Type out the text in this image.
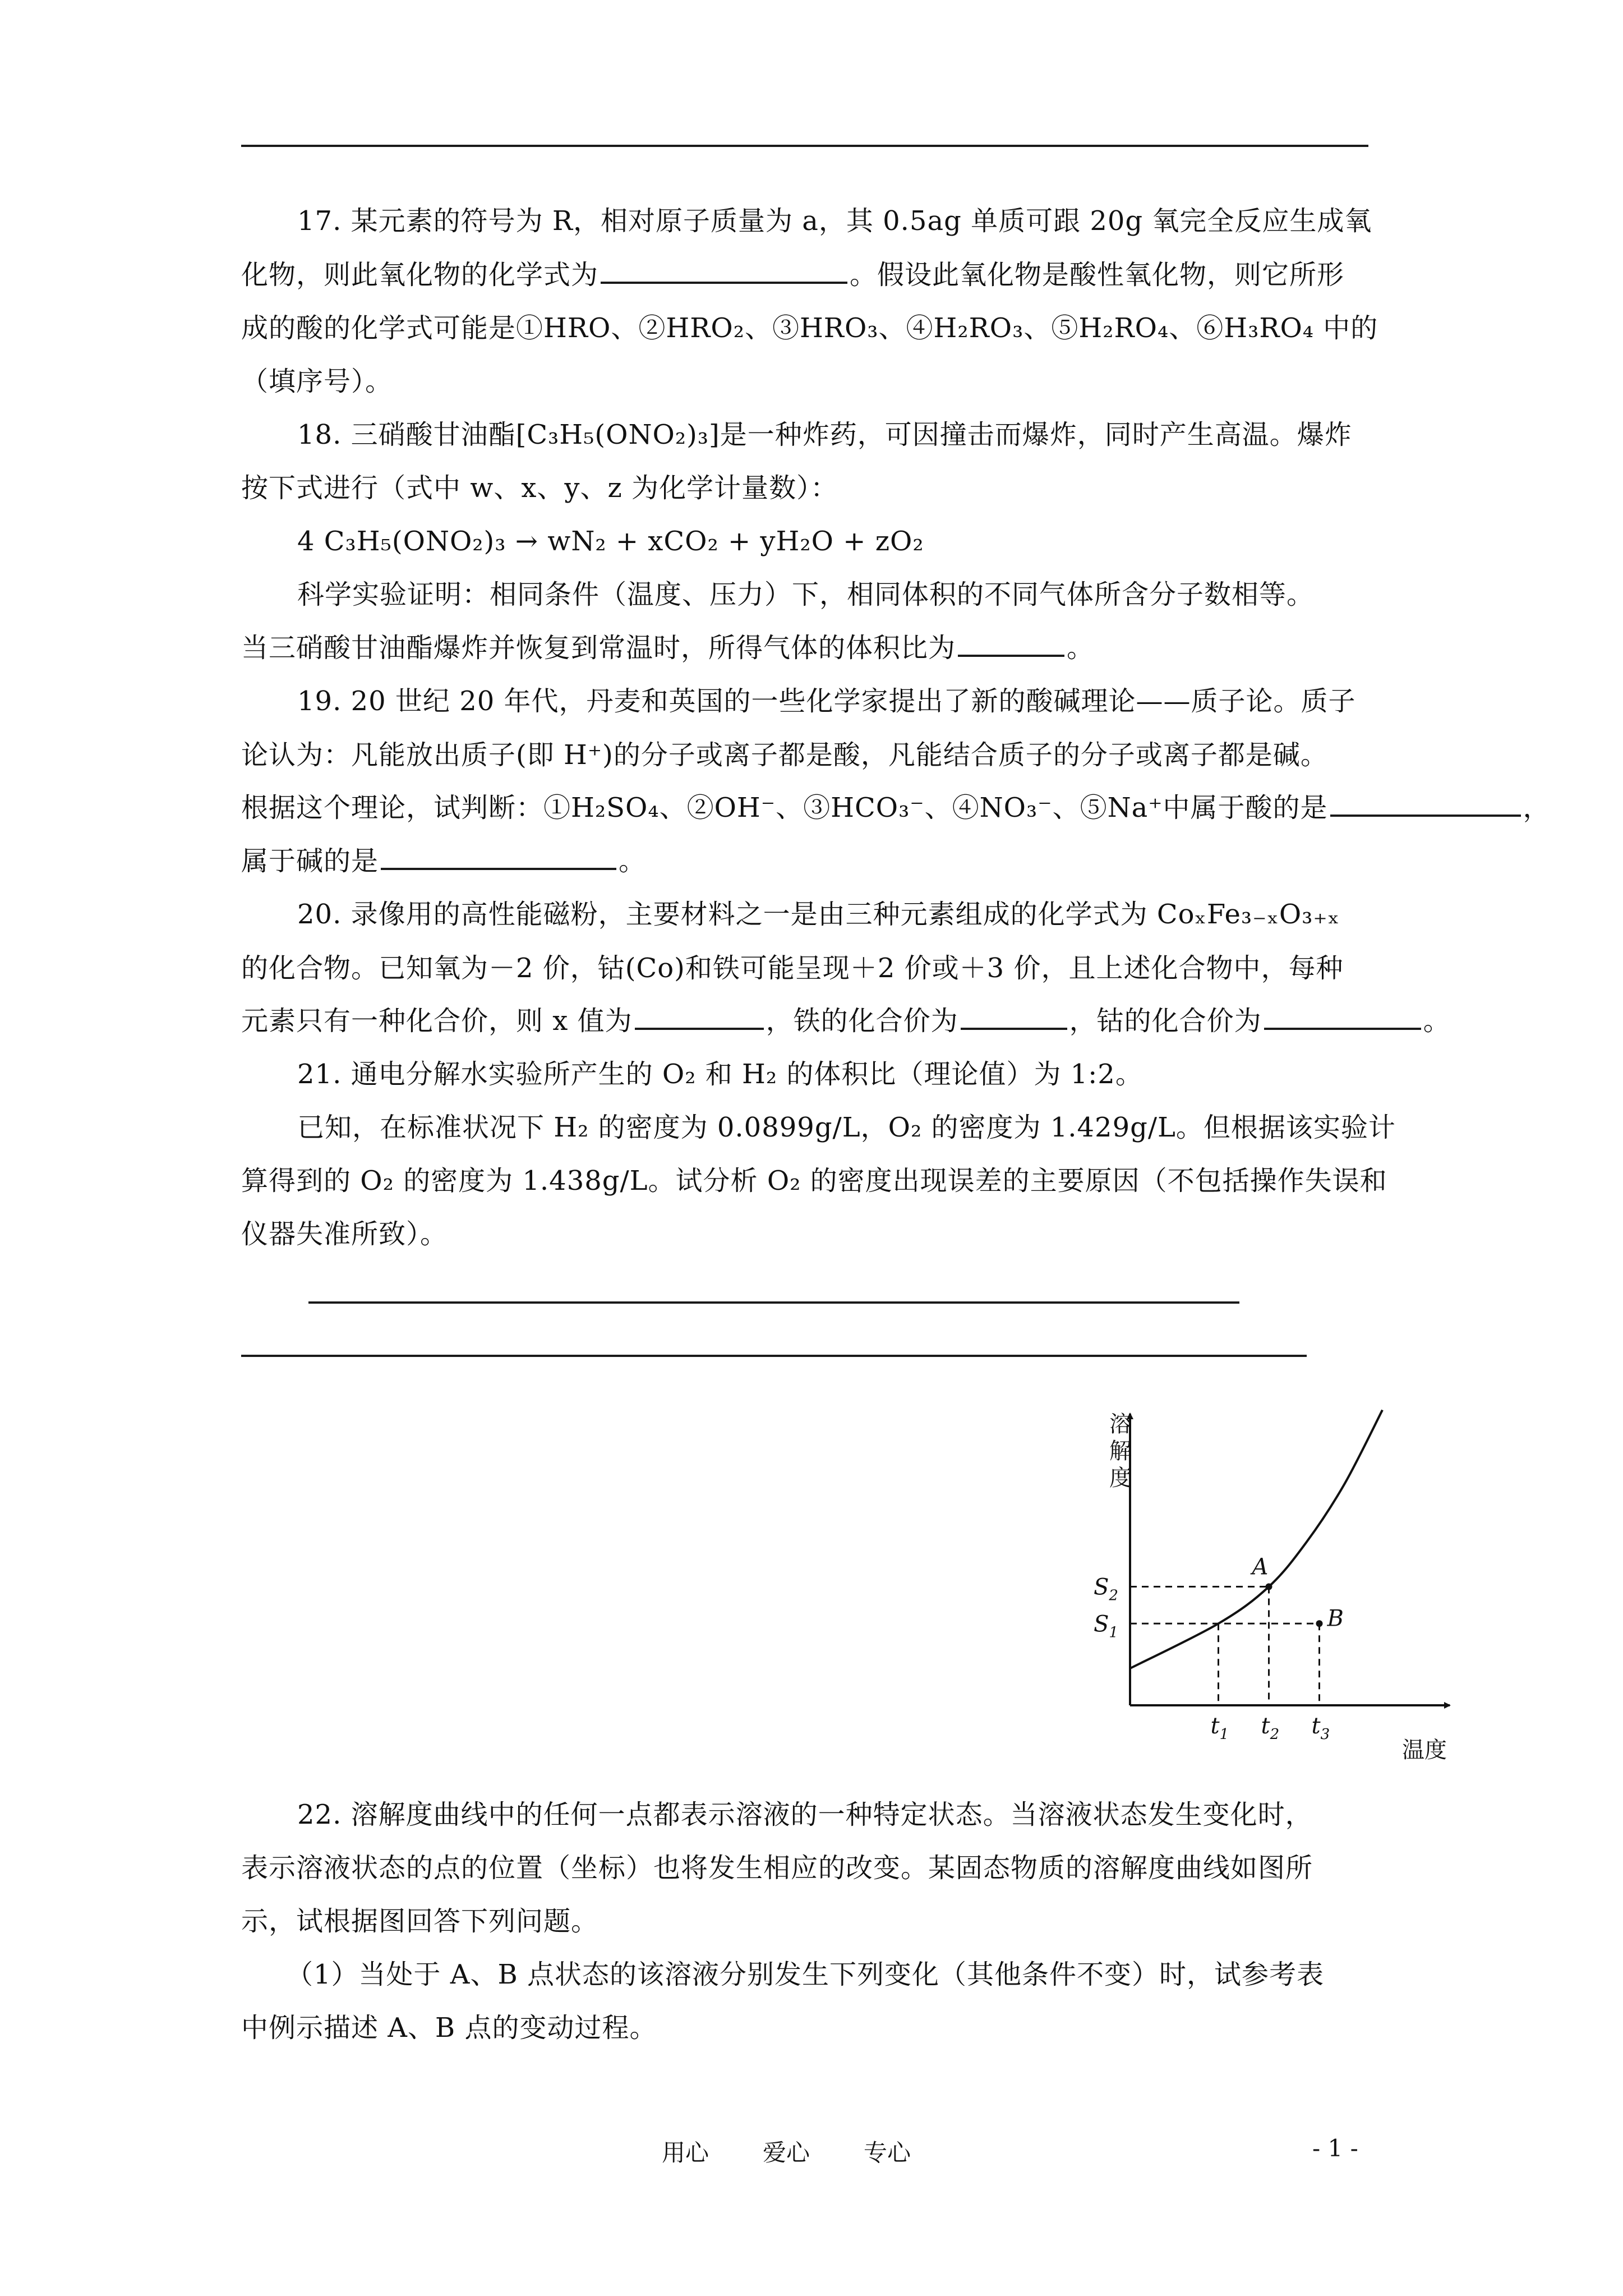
17. 某元素的符号为 R，相对原子质量为 a，其 0.5ag 单质可跟 20g 氧完全反应生成氧
化物，则此氧化物的化学式为	。假设此氧化物是酸性氧化物，则它所形
成的酸的化学式可能是①HRO、②HRO₂、③HRO₃、④H₂RO₃、⑤H₂RO₄、⑥H₃RO₄ 中的
（填序号）。
18. 三硝酸甘油酯[C₃H₅(ONO₂)₃]是一种炸药，可因撞击而爆炸，同时产生高温。爆炸
按下式进行（式中 w、x、y、z 为化学计量数）：
4 C₃H₅(ONO₂)₃ → wN₂ + xCO₂ + yH₂O + zO₂
科学实验证明：相同条件（温度、压力）下，相同体积的不同气体所含分子数相等。
当三硝酸甘油酯爆炸并恢复到常温时，所得气体的体积比为	。
19. 20 世纪 20 年代，丹麦和英国的一些化学家提出了新的酸碱理论——质子论。质子
论认为：凡能放出质子(即 H⁺)的分子或离子都是酸，凡能结合质子的分子或离子都是碱。
根据这个理论，试判断：①H₂SO₄、②OH⁻、③HCO₃⁻、④NO₃⁻、⑤Na⁺中属于酸的是	，
属于碱的是	。
20. 录像用的高性能磁粉，主要材料之一是由三种元素组成的化学式为 CoₓFe₃₋ₓO₃₊ₓ
的化合物。已知氧为－2 价，钴(Co)和铁可能呈现＋2 价或＋3 价，且上述化合物中，每种
元素只有一种化合价，则 x 值为	，铁的化合价为	，钴的化合价为	。
21. 通电分解水实验所产生的 O₂ 和 H₂ 的体积比（理论值）为 1:2。
已知，在标准状况下 H₂ 的密度为 0.0899g/L，O₂ 的密度为 1.429g/L。但根据该实验计
算得到的 O₂ 的密度为 1.438g/L。试分析 O₂ 的密度出现误差的主要原因（不包括操作失误和
仪器失准所致）。
溶解度
温度
$t_1$ $t_2$ $t_3$
$S_1$
$S_2$
A
B
22. 溶解度曲线中的任何一点都表示溶液的一种特定状态。当溶液状态发生变化时，
表示溶液状态的点的位置（坐标）也将发生相应的改变。某固态物质的溶解度曲线如图所
示，试根据图回答下列问题。
（1）当处于 A、B 点状态的该溶液分别发生下列变化（其他条件不变）时，试参考表
中例示描述 A、B 点的变动过程。
用心 爱心 专心	- 1 -
